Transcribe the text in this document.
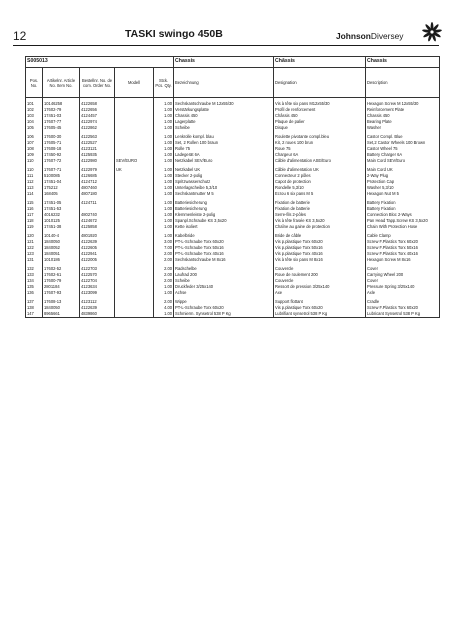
12	TASKI swingo 450B	JohnsonDiversey
S005013					Chassis	Châssis	Chassis
Pos. No.	Artikelnr. Article No. Item No.	Bestellnr. No. de com. Order No.	Modell	Stck. Pcs. Qty.	Bezeichnung	Designation	Description

101	10146258	4122658		1.00	Sechskantschraube M 12x55/30	Vis à tête six pans M12x55/30	Hexagon Screw M 12x55/30
102	17602-79	4122656		1.00	Verstärkungsplatte	Profil de renforcement	Reinforcement Plate
103	17451-03	4124457		1.00	Chassis 450	Châssis 450	Chassis 450
104	17607-77	4122974		1.00	Lagerplatte	Plaque de palier	Bearing Plate
105	17605-45	4122862		1.00	Scheibe	Disque	Washer

106	17600-30	4122563		1.00	Lenkrolle kompl. blau	Roulette pivotante compl.bleu	Castor Compl. Blue
107	17605-71	4122527		1.00	Set, 2 Rollen 100 braun	Kit, 2 roues 100 brun	Set,2 Castor Wheels 100 Brown
108	17608-18	4123121		1.00	Rolle 75	Roue 75	Castor Wheel 75
109	17450-92	4125935		1.00	Ladegerät 6A	Chargeur 6A	Battery Charger 6A
110	17607-72	4122980	SEV/EURO	1.00	Netzkabel SEV/Euro	Câble d'alimentation ASE/Euro	Main Cord SEV/Euro

110	17607-71	4122979	UK	1.00	Netzkabel UK	Câble d'alimentation UK	Main Cord UK
111	5100085	4126685		1.00	Stecker 2-polig	Connecteur 2 pôles	2-Way Plug
112	17451-04	4124712		1.00	Spritzwasserschutz	Capot de protection	Protection Cap
113	175212	4807460		1.00	Unterlagscheibe 5,3/10	Rondelle 5,3/10	Washer 5,3/10
114	168405	4807180		1.00	Sechskantmutter M 5	Ecrou 6 six pans M 5	Hexagon Nut M 5

115	17451-05	4124711		1.00	Batteriesicherung	Fixation de batterie	Battery Fixation
116	17451-53			1.00	Batteriesicherung	Fixation de batterie	Battery Fixation
117	4016232	4802740		1.00	Klemmenleiste 2-polig	Serre-fils 2-pôles	Connection Bloc 2-Ways
118	1010125	4124672		1.00	Spanpl.Schraube KS 3,5x20	Vis à tête frasée KS 3,5x20	Pan Head Tapp.Screw KS 3,5x20
119	17451-38	4125858		1.00	Kette isoliert	Chaîne au gaine de protection	Chain With Protection Hose

120	10140-4	4801920		1.00	Kabelbride	Bride de câble	Cable Clamp
121	1840050	4122639		3.00	PT-L-Schraube Torx 60x20	Vis p.plastique Torx 60x20	Screw F.Plastics Torx 60x20
122	1840052	4122605		7.00	PT-L-Schraube Torx 50x16	Vis p.plastique Torx 50x16	Screw F.Plastics Torx 50x16
123	1840051	4122941		2.00	PT-L-Schraube Torx 40x16	Vis p.plastique Torx 40x16	Screw F.Plastics Torx 40x16
131	1010186	4122005		2.00	Sechskantschraube M 8x16	Vis à tête six pans M 8x16	Hexagon Screw M 8x16

132	17602-52	4122703		2.00	Radschelbe	Couvercle	Cover
133	17602-61	4122570		2.00	Laufrad 200	Roue de roulement 200	Carrying Wheel 200
134	17600-79	4122704		2.00	Scheibe	Couvercle	Cover
135	2801184	4123634		1.00	Druckfeder 3/25x140	Ressort de pression 3/25x140	Pressure Spring 3/25x140
136	17607-93	4123099		1.00	Achse	Axe	Axle

137	17608-13	4123112		2.00	Wippe	Support flottant	Cradle
138	1840050	4122639		4.00	PT-L-Schraube Torx 60x20	Vis p.plastique Torx 60x20	Screw F.Plastics Torx 60x20
147	8965661	4839860		1.00	Schmierm. Synsetrol 538 P Kg	Lubrifiant synsetrol 538 P Kg	Lubricant Synsetrol 538 P Kg
